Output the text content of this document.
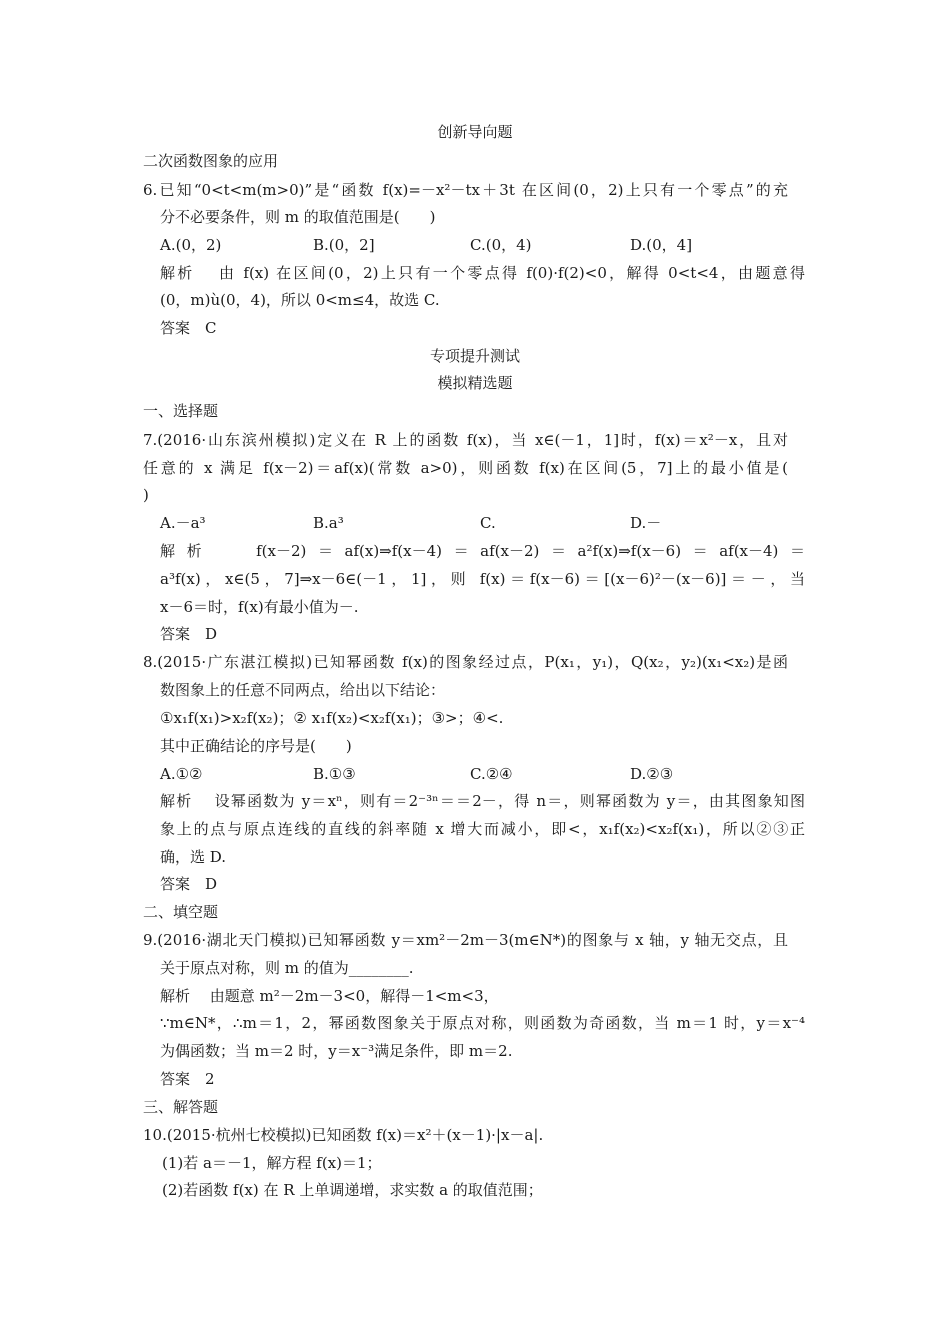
创新导向题
二次函数图象的应用
6.已知“0<t<m(m>0)”是“函数 f(x)=－x²－tx＋3t 在区间(0，2)上只有一个零点”的充
分不必要条件，则 m 的取值范围是(　　)
A.(0，2)	B.(0，2]	C.(0，4)	D.(0，4]
解析　 由 f(x) 在区间(0，2)上只有一个零点得 f(0)·f(2)<0，解得 0<t<4，由题意得
(0，m)ù(0，4)，所以 0<m≤4，故选 C.
答案　C
专项提升测试
模拟精选题
一、选择题
7.(2016·山东滨州模拟)定义在 R 上的函数 f(x)，当 x∈(－1，1]时，f(x)＝x²－x，且对
任意的 x 满足 f(x－2)＝af(x)(常数 a>0)，则函数 f(x)在区间(5，7]上的最小值是(
)
A.－a³	B.a³	C.	D.－
解析　 f(x－2)＝af(x)⇒f(x－4)＝af(x－2)＝a²f(x)⇒f(x－6)＝af(x－4)＝
a³f(x)，x∈(5，7]⇒x－6∈(－1，1]，则 f(x)＝f(x－6)＝[(x－6)²－(x－6)]＝－，当
x－6＝时，f(x)有最小值为－.
答案　D
8.(2015·广东湛江模拟)已知幂函数 f(x)的图象经过点，P(x₁，y₁)，Q(x₂，y₂)(x₁<x₂)是函
数图象上的任意不同两点，给出以下结论：
①x₁f(x₁)>x₂f(x₂)；② x₁f(x₂)<x₂f(x₁)；③>；④<.
其中正确结论的序号是(　　)
A.①②	B.①③	C.②④	D.②③
解析　 设幂函数为 y＝xⁿ，则有＝2⁻³ⁿ＝＝2－，得 n＝，则幂函数为 y＝，由其图象知图
象上的点与原点连线的直线的斜率随 x 增大而减小，即<，x₁f(x₂)<x₂f(x₁)，所以②③正
确，选 D.
答案　D
二、填空题
9.(2016·湖北天门模拟)已知幂函数 y＝xm²－2m－3(m∈N*)的图象与 x 轴，y 轴无交点，且
关于原点对称，则 m 的值为________.
解析　 由题意 m²－2m－3<0，解得－1<m<3，
∵m∈N*，∴m＝1，2，幂函数图象关于原点对称，则函数为奇函数，当 m＝1 时，y＝x⁻⁴
为偶函数；当 m＝2 时，y＝x⁻³满足条件，即 m＝2.
答案　2
三、解答题
10.(2015·杭州七校模拟)已知函数 f(x)＝x²＋(x－1)·|x－a|.
(1)若 a＝－1，解方程 f(x)＝1；
(2)若函数 f(x) 在 R 上单调递增，求实数 a 的取值范围；
